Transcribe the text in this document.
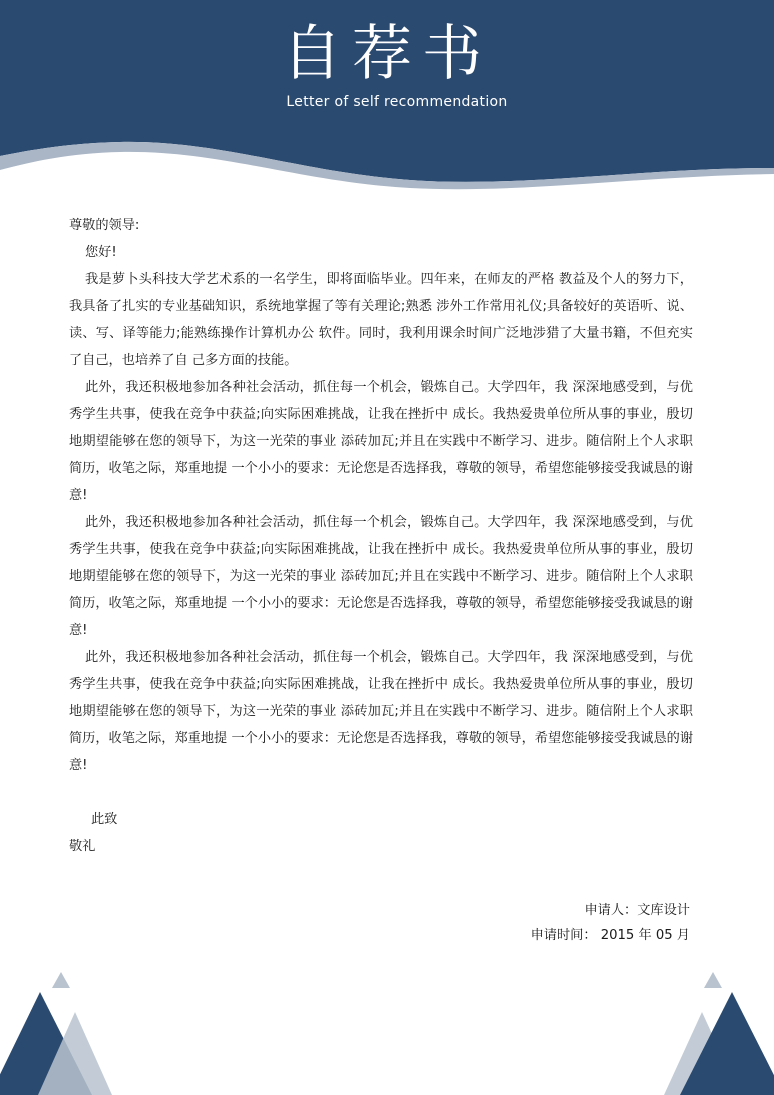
自荐书
Letter of self recommendation

尊敬的领导:

您好!

我是萝卜头科技大学艺术系的一名学生，即将面临毕业。四年来，在师友的严格 教益及个人的努力下，我具备了扎实的专业基础知识，系统地掌握了等有关理论;熟悉 涉外工作常用礼仪;具备较好的英语听、说、读、写、译等能力;能熟练操作计算机办公 软件。同时，我利用课余时间广泛地涉猎了大量书籍，不但充实了自己，也培养了自 己多方面的技能。

此外，我还积极地参加各种社会活动，抓住每一个机会，锻炼自己。大学四年，我 深深地感受到，与优秀学生共事，使我在竞争中获益;向实际困难挑战，让我在挫折中 成长。我热爱贵单位所从事的事业，殷切地期望能够在您的领导下，为这一光荣的事业 添砖加瓦;并且在实践中不断学习、进步。随信附上个人求职简历，收笔之际，郑重地提 一个小小的要求：无论您是否选择我，尊敬的领导，希望您能够接受我诚恳的谢意!

此外，我还积极地参加各种社会活动，抓住每一个机会，锻炼自己。大学四年，我 深深地感受到，与优秀学生共事，使我在竞争中获益;向实际困难挑战，让我在挫折中 成长。我热爱贵单位所从事的事业，殷切地期望能够在您的领导下，为这一光荣的事业 添砖加瓦;并且在实践中不断学习、进步。随信附上个人求职简历，收笔之际，郑重地提 一个小小的要求：无论您是否选择我，尊敬的领导，希望您能够接受我诚恳的谢意!

此外，我还积极地参加各种社会活动，抓住每一个机会，锻炼自己。大学四年，我 深深地感受到，与优秀学生共事，使我在竞争中获益;向实际困难挑战，让我在挫折中 成长。我热爱贵单位所从事的事业，殷切地期望能够在您的领导下，为这一光荣的事业 添砖加瓦;并且在实践中不断学习、进步。随信附上个人求职简历，收笔之际，郑重地提 一个小小的要求：无论您是否选择我，尊敬的领导，希望您能够接受我诚恳的谢意!

此致
敬礼
申请人：文库设计
申请时间： 2015 年 05 月
